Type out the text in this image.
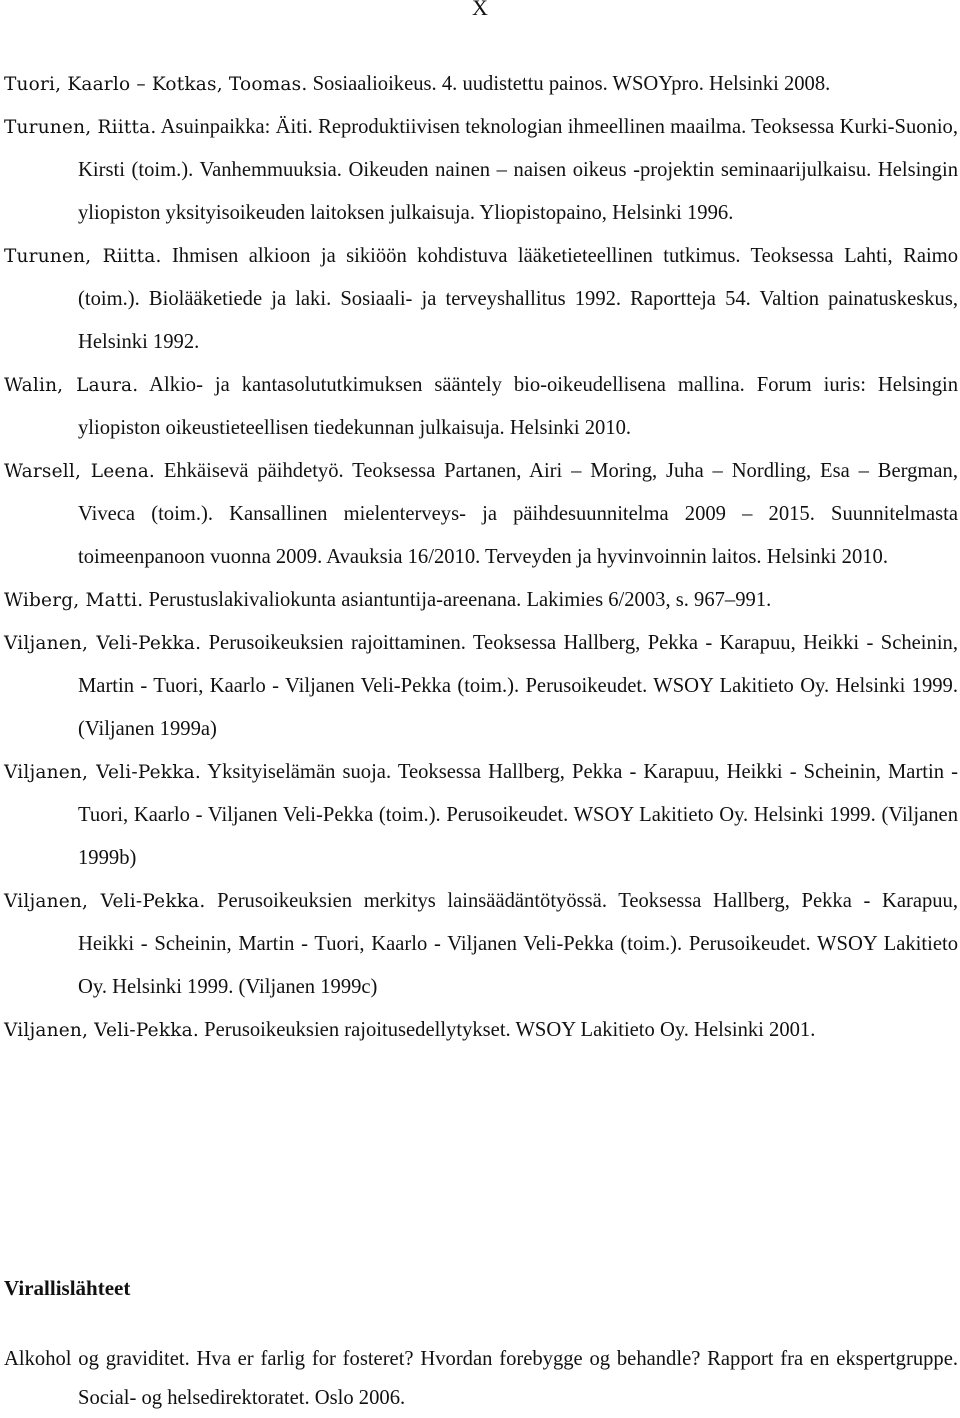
X

Tuori, Kaarlo – Kotkas, Toomas. Sosiaalioikeus. 4. uudistettu painos. WSOYpro. Helsinki 2008.

Turunen, Riitta. Asuinpaikka: Äiti. Reproduktiivisen teknologian ihmeellinen maailma. Teoksessa Kurki-Suonio, Kirsti (toim.). Vanhemmuuksia. Oikeuden nainen – naisen oikeus -projektin seminaarijulkaisu. Helsingin yliopiston yksityisoikeuden laitoksen julkaisuja. Yliopistopaino, Helsinki 1996.

Turunen, Riitta. Ihmisen alkioon ja sikiöön kohdistuva lääketieteellinen tutkimus. Teoksessa Lahti, Raimo (toim.). Biolääketiede ja laki. Sosiaali- ja terveyshallitus 1992. Raportteja 54. Valtion painatuskeskus, Helsinki 1992.

Walin, Laura. Alkio- ja kantasolututkimuksen sääntely bio-oikeudellisena mallina. Forum iuris: Helsingin yliopiston oikeustieteellisen tiedekunnan julkaisuja. Helsinki 2010.

Warsell, Leena. Ehkäisevä päihdetyö. Teoksessa Partanen, Airi – Moring, Juha – Nordling, Esa – Bergman, Viveca (toim.). Kansallinen mielenterveys- ja päihdesuunnitelma 2009 – 2015. Suunnitelmasta toimeenpanoon vuonna 2009. Avauksia 16/2010. Terveyden ja hyvinvoinnin laitos. Helsinki 2010.

Wiberg, Matti. Perustuslakivaliokunta asiantuntija-areenana. Lakimies 6/2003, s. 967–991.

Viljanen, Veli-Pekka. Perusoikeuksien rajoittaminen. Teoksessa Hallberg, Pekka - Karapuu, Heikki - Scheinin, Martin - Tuori, Kaarlo - Viljanen Veli-Pekka (toim.). Perusoikeudet. WSOY Lakitieto Oy. Helsinki 1999. (Viljanen 1999a)

Viljanen, Veli-Pekka. Yksityiselämän suoja. Teoksessa Hallberg, Pekka - Karapuu, Heikki - Scheinin, Martin - Tuori, Kaarlo - Viljanen Veli-Pekka (toim.). Perusoikeudet. WSOY Lakitieto Oy. Helsinki 1999. (Viljanen 1999b)

Viljanen, Veli-Pekka. Perusoikeuksien merkitys lainsäädäntötyössä. Teoksessa Hallberg, Pekka - Karapuu, Heikki - Scheinin, Martin - Tuori, Kaarlo - Viljanen Veli-Pekka (toim.). Perusoikeudet. WSOY Lakitieto Oy. Helsinki 1999. (Viljanen 1999c)

Viljanen, Veli-Pekka. Perusoikeuksien rajoitusedellytykset. WSOY Lakitieto Oy. Helsinki 2001.

Virallislähteet

Alkohol og graviditet. Hva er farlig for fosteret? Hvordan forebygge og behandle? Rapport fra en ekspertgruppe. Social- og helsedirektoratet. Oslo 2006.
